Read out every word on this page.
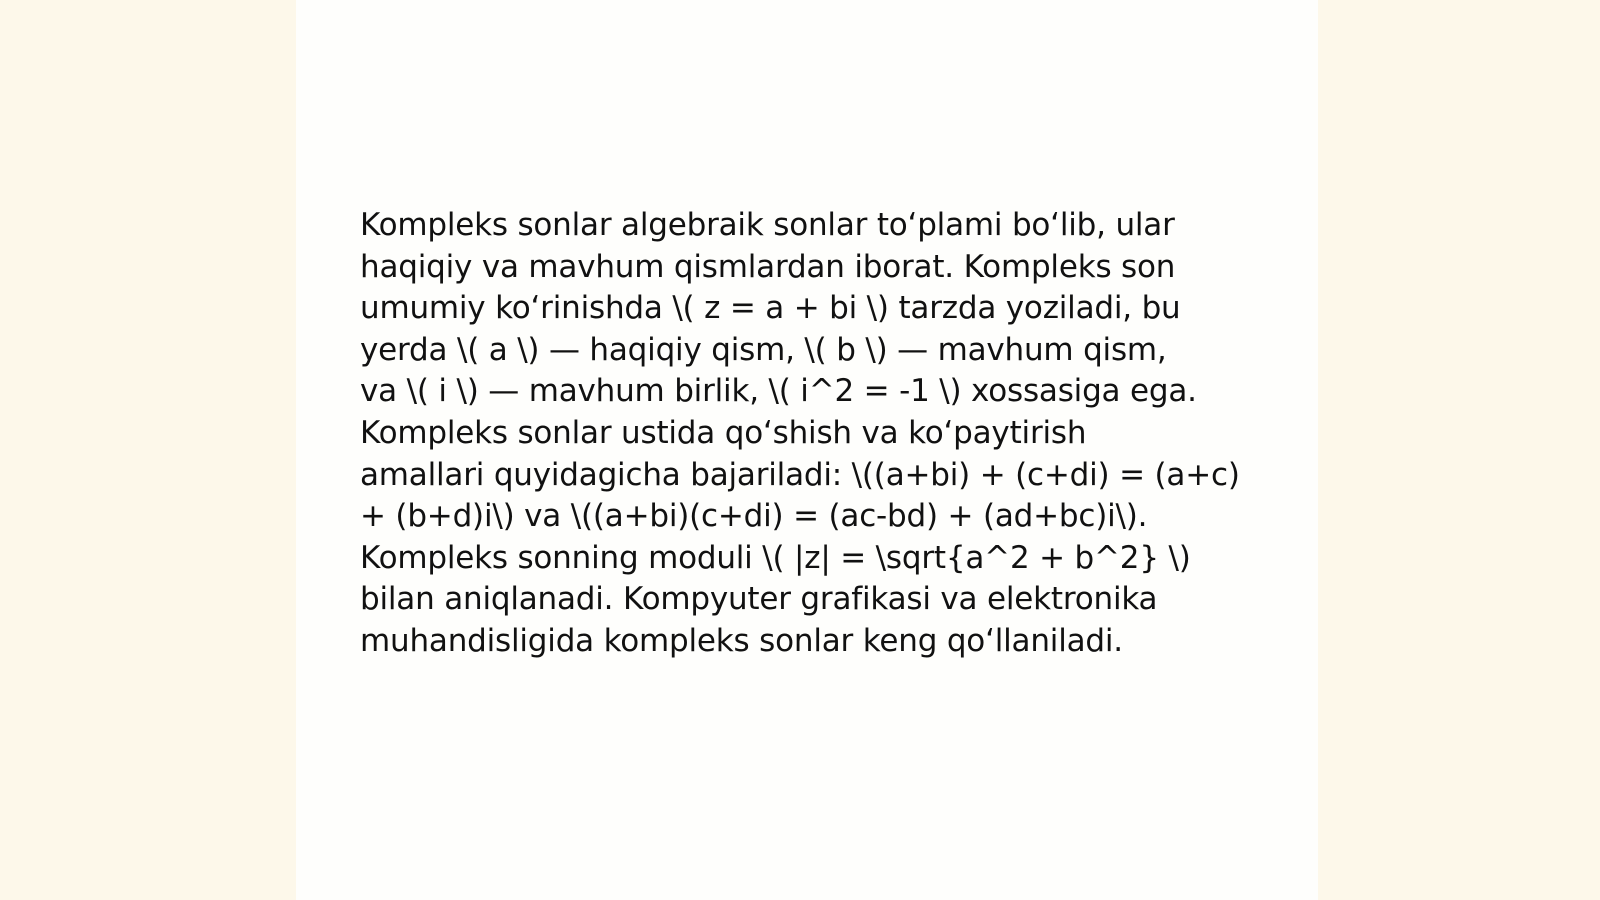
Kompleks sonlar algebraik sonlar to‘plami bo‘lib, ular
haqiqiy va mavhum qismlardan iborat. Kompleks son
umumiy ko‘rinishda \( z = a + bi \) tarzda yoziladi, bu
yerda \( a \) — haqiqiy qism, \( b \) — mavhum qism,
va \( i \) — mavhum birlik, \( i^2 = -1 \) xossasiga ega.
Kompleks sonlar ustida qo‘shish va ko‘paytirish
amallari quyidagicha bajariladi: \((a+bi) + (c+di) = (a+c)
+ (b+d)i\) va \((a+bi)(c+di) = (ac-bd) + (ad+bc)i\).
Kompleks sonning moduli \( |z| = \sqrt{a^2 + b^2} \)
bilan aniqlanadi. Kompyuter grafikasi va elektronika
muhandisligida kompleks sonlar keng qo‘llaniladi.
